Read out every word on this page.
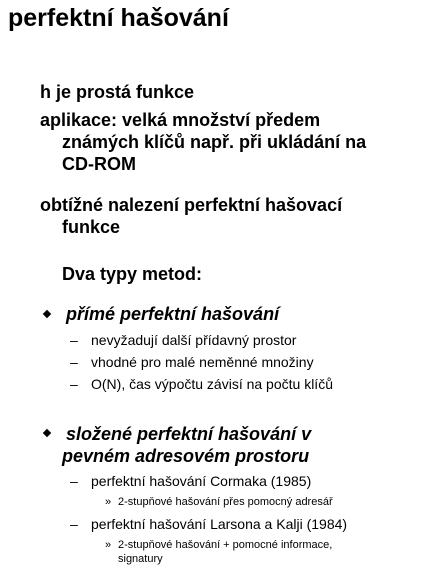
perfektní hašování
h je prostá funkce
aplikace: velká množství předem
známých klíčů např. při ukládání na
CD-ROM
obtížné nalezení perfektní hašovací
funkce
Dva typy metod:
přímé perfektní hašování
– nevyžadují další přídavný prostor
– vhodné pro malé neměnné množiny
– O(N), čas výpočtu závisí na počtu klíčů
složené perfektní hašování v
pevném adresovém prostoru
– perfektní hašování Cormaka (1985)
» 2-stupňové hašování přes pomocný adresář
– perfektní hašování Larsona a Kalji (1984)
» 2-stupňové hašování + pomocné informace,
signatury
